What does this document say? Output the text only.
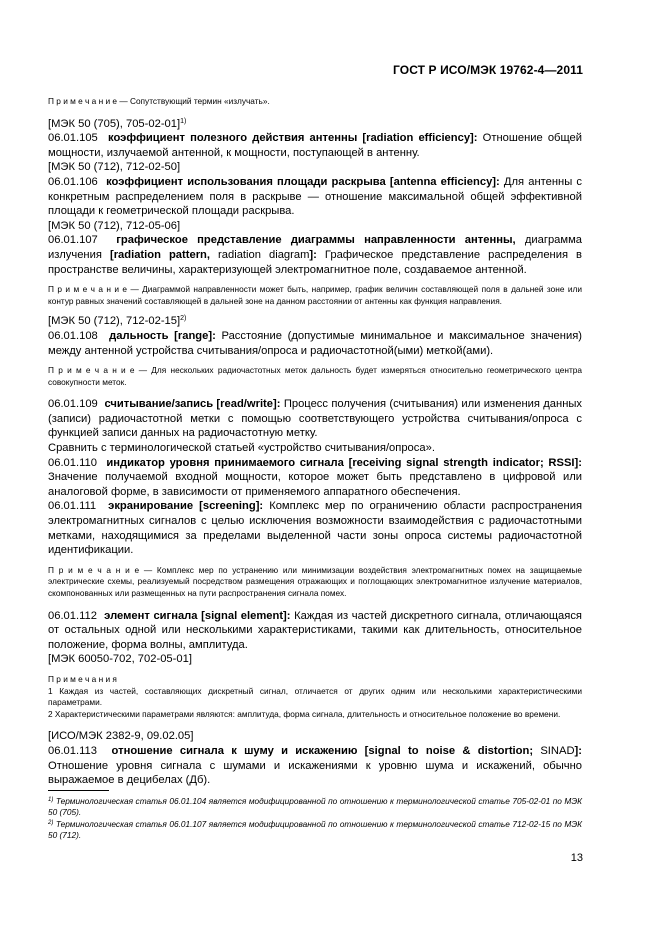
ГОСТ Р ИСО/МЭК 19762-4—2011

П р и м е ч а н и е — Сопутствующий термин «излучать».

[МЭК 50 (705), 705-02-01]$^{1)}$

06.01.105 коэффициент полезного действия антенны [radiation efficiency]: Отношение общей мощности, излучаемой антенной, к мощности, поступающей в антенну.

[МЭК 50 (712), 712-02-50]

06.01.106 коэффициент использования площади раскрыва [antenna efficiency]: Для антенны с конкретным распределением поля в раскрыве — отношение максимальной общей эффективной площади к геометрической площади раскрыва.

[МЭК 50 (712), 712-05-06]

06.01.107 графическое представление диаграммы направленности антенны, диаграмма излучения [radiation pattern, radiation diagram]: Графическое представление распределения в пространстве величины, характеризующей электромагнитное поле, создаваемое антенной.

П р и м е ч а н и е — Диаграммой направленности может быть, например, график величин составляющей поля в дальней зоне или контур равных значений составляющей в дальней зоне на данном расстоянии от антенны как функция направления.

[МЭК 50 (712), 712-02-15]$^{2)}$

06.01.108 дальность [range]: Расстояние (допустимые минимальное и максимальное значения) между антенной устройства считывания/опроса и радиочастотной(ыми) меткой(ами).

П р и м е ч а н и е — Для нескольких радиочастотных меток дальность будет измеряться относительно геометрического центра совокупности меток.

06.01.109 считывание/запись [read/write]: Процесс получения (считывания) или изменения данных (записи) радиочастотной метки с помощью соответствующего устройства считывания/опроса с функцией записи данных на радиочастотную метку.

Сравнить с терминологической статьей «устройство считывания/опроса».

06.01.110 индикатор уровня принимаемого сигнала [receiving signal strength indicator; RSSI]: Значение получаемой входной мощности, которое может быть представлено в цифровой или аналоговой форме, в зависимости от применяемого аппаратного обеспечения.

06.01.111 экранирование [screening]: Комплекс мер по ограничению области распространения электромагнитных сигналов с целью исключения возможности взаимодействия с радиочастотными метками, находящимися за пределами выделенной части зоны опроса системы радиочастотной идентификации.

П р и м е ч а н и е — Комплекс мер по устранению или минимизации воздействия электромагнитных помех на защищаемые электрические схемы, реализуемый посредством размещения отражающих и поглощающих электромагнитное излучение материалов, скомпонованных или размещенных на пути распространения сигнала помех.

06.01.112 элемент сигнала [signal element]: Каждая из частей дискретного сигнала, отличающаяся от остальных одной или несколькими характеристиками, такими как длительность, относительное положение, форма волны, амплитуда.

[МЭК 60050-702, 702-05-01]

П р и м е ч а н и я

1 Каждая из частей, составляющих дискретный сигнал, отличается от других одним или несколькими характеристическими параметрами.

2 Характеристическими параметрами являются: амплитуда, форма сигнала, длительность и относительное положение во времени.

[ИСО/МЭК 2382-9, 09.02.05]

06.01.113 отношение сигнала к шуму и искажению [signal to noise & distortion; SINAD]: Отношение уровня сигнала с шумами и искажениями к уровню шума и искажений, обычно выражаемое в децибелах (Дб).

$^{1)}$ Терминологическая статья 06.01.104 является модифицированной по отношению к терминологической статье 705-02-01 по МЭК 50 (705).
$^{2)}$ Терминологическая статья 06.01.107 является модифицированной по отношению к терминологической статье 712-02-15 по МЭК 50 (712).
13
